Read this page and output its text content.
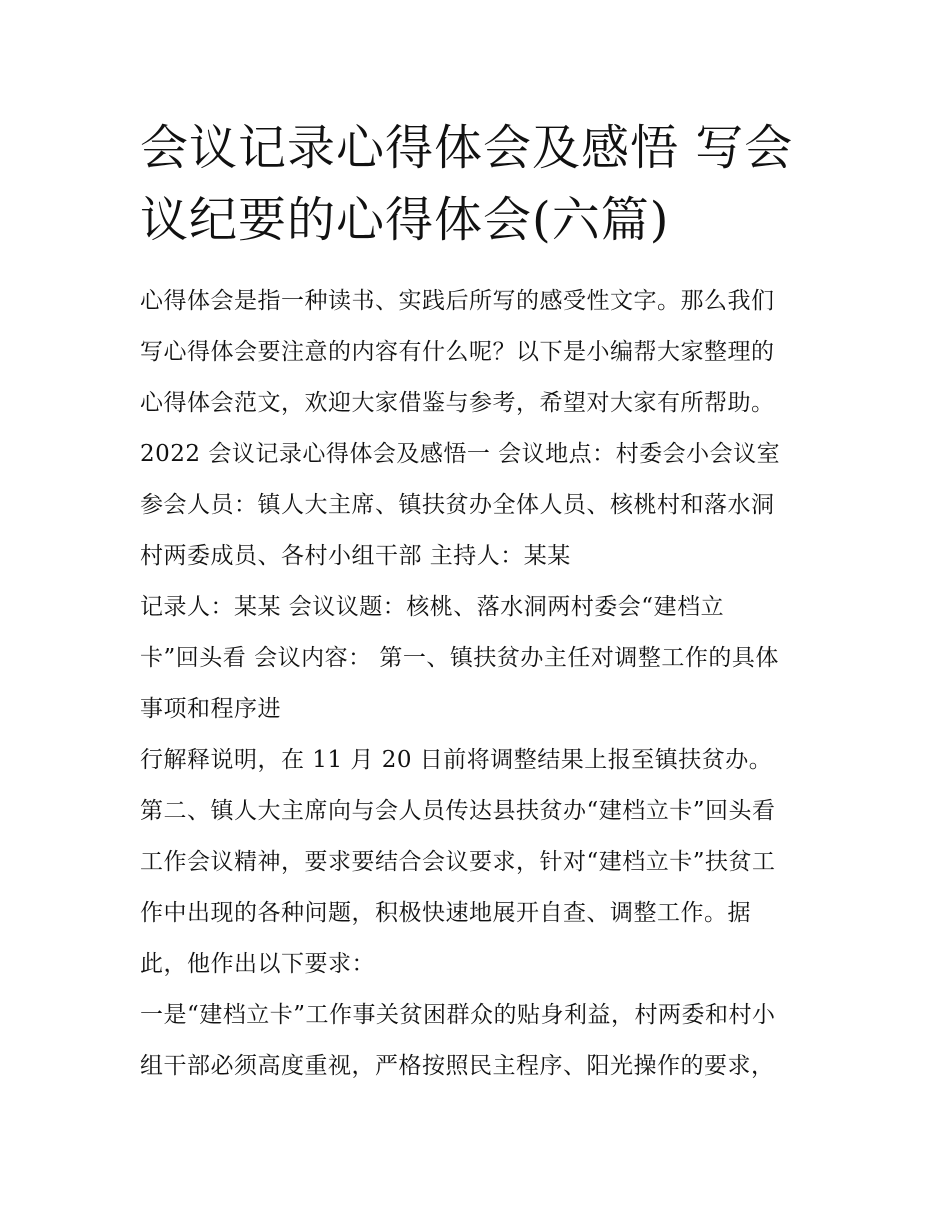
会议记录心得体会及感悟 写会
议纪要的心得体会(六篇)
心得体会是指一种读书、实践后所写的感受性文字。那么我们
写心得体会要注意的内容有什么呢？以下是小编帮大家整理的
心得体会范文，欢迎大家借鉴与参考，希望对大家有所帮助。
2022 会议记录心得体会及感悟一 会议地点：村委会小会议室
参会人员：镇人大主席、镇扶贫办全体人员、核桃村和落水洞
村两委成员、各村小组干部 主持人：某某
记录人：某某 会议议题：核桃、落水洞两村委会“建档立
卡”回头看 会议内容： 第一、镇扶贫办主任对调整工作的具体
事项和程序进
行解释说明，在 11 月 20 日前将调整结果上报至镇扶贫办。
第二、镇人大主席向与会人员传达县扶贫办“建档立卡”回头看
工作会议精神，要求要结合会议要求，针对“建档立卡”扶贫工
作中出现的各种问题，积极快速地展开自查、调整工作。据
此，他作出以下要求：
一是“建档立卡”工作事关贫困群众的贴身利益，村两委和村小
组干部必须高度重视，严格按照民主程序、阳光操作的要求，
